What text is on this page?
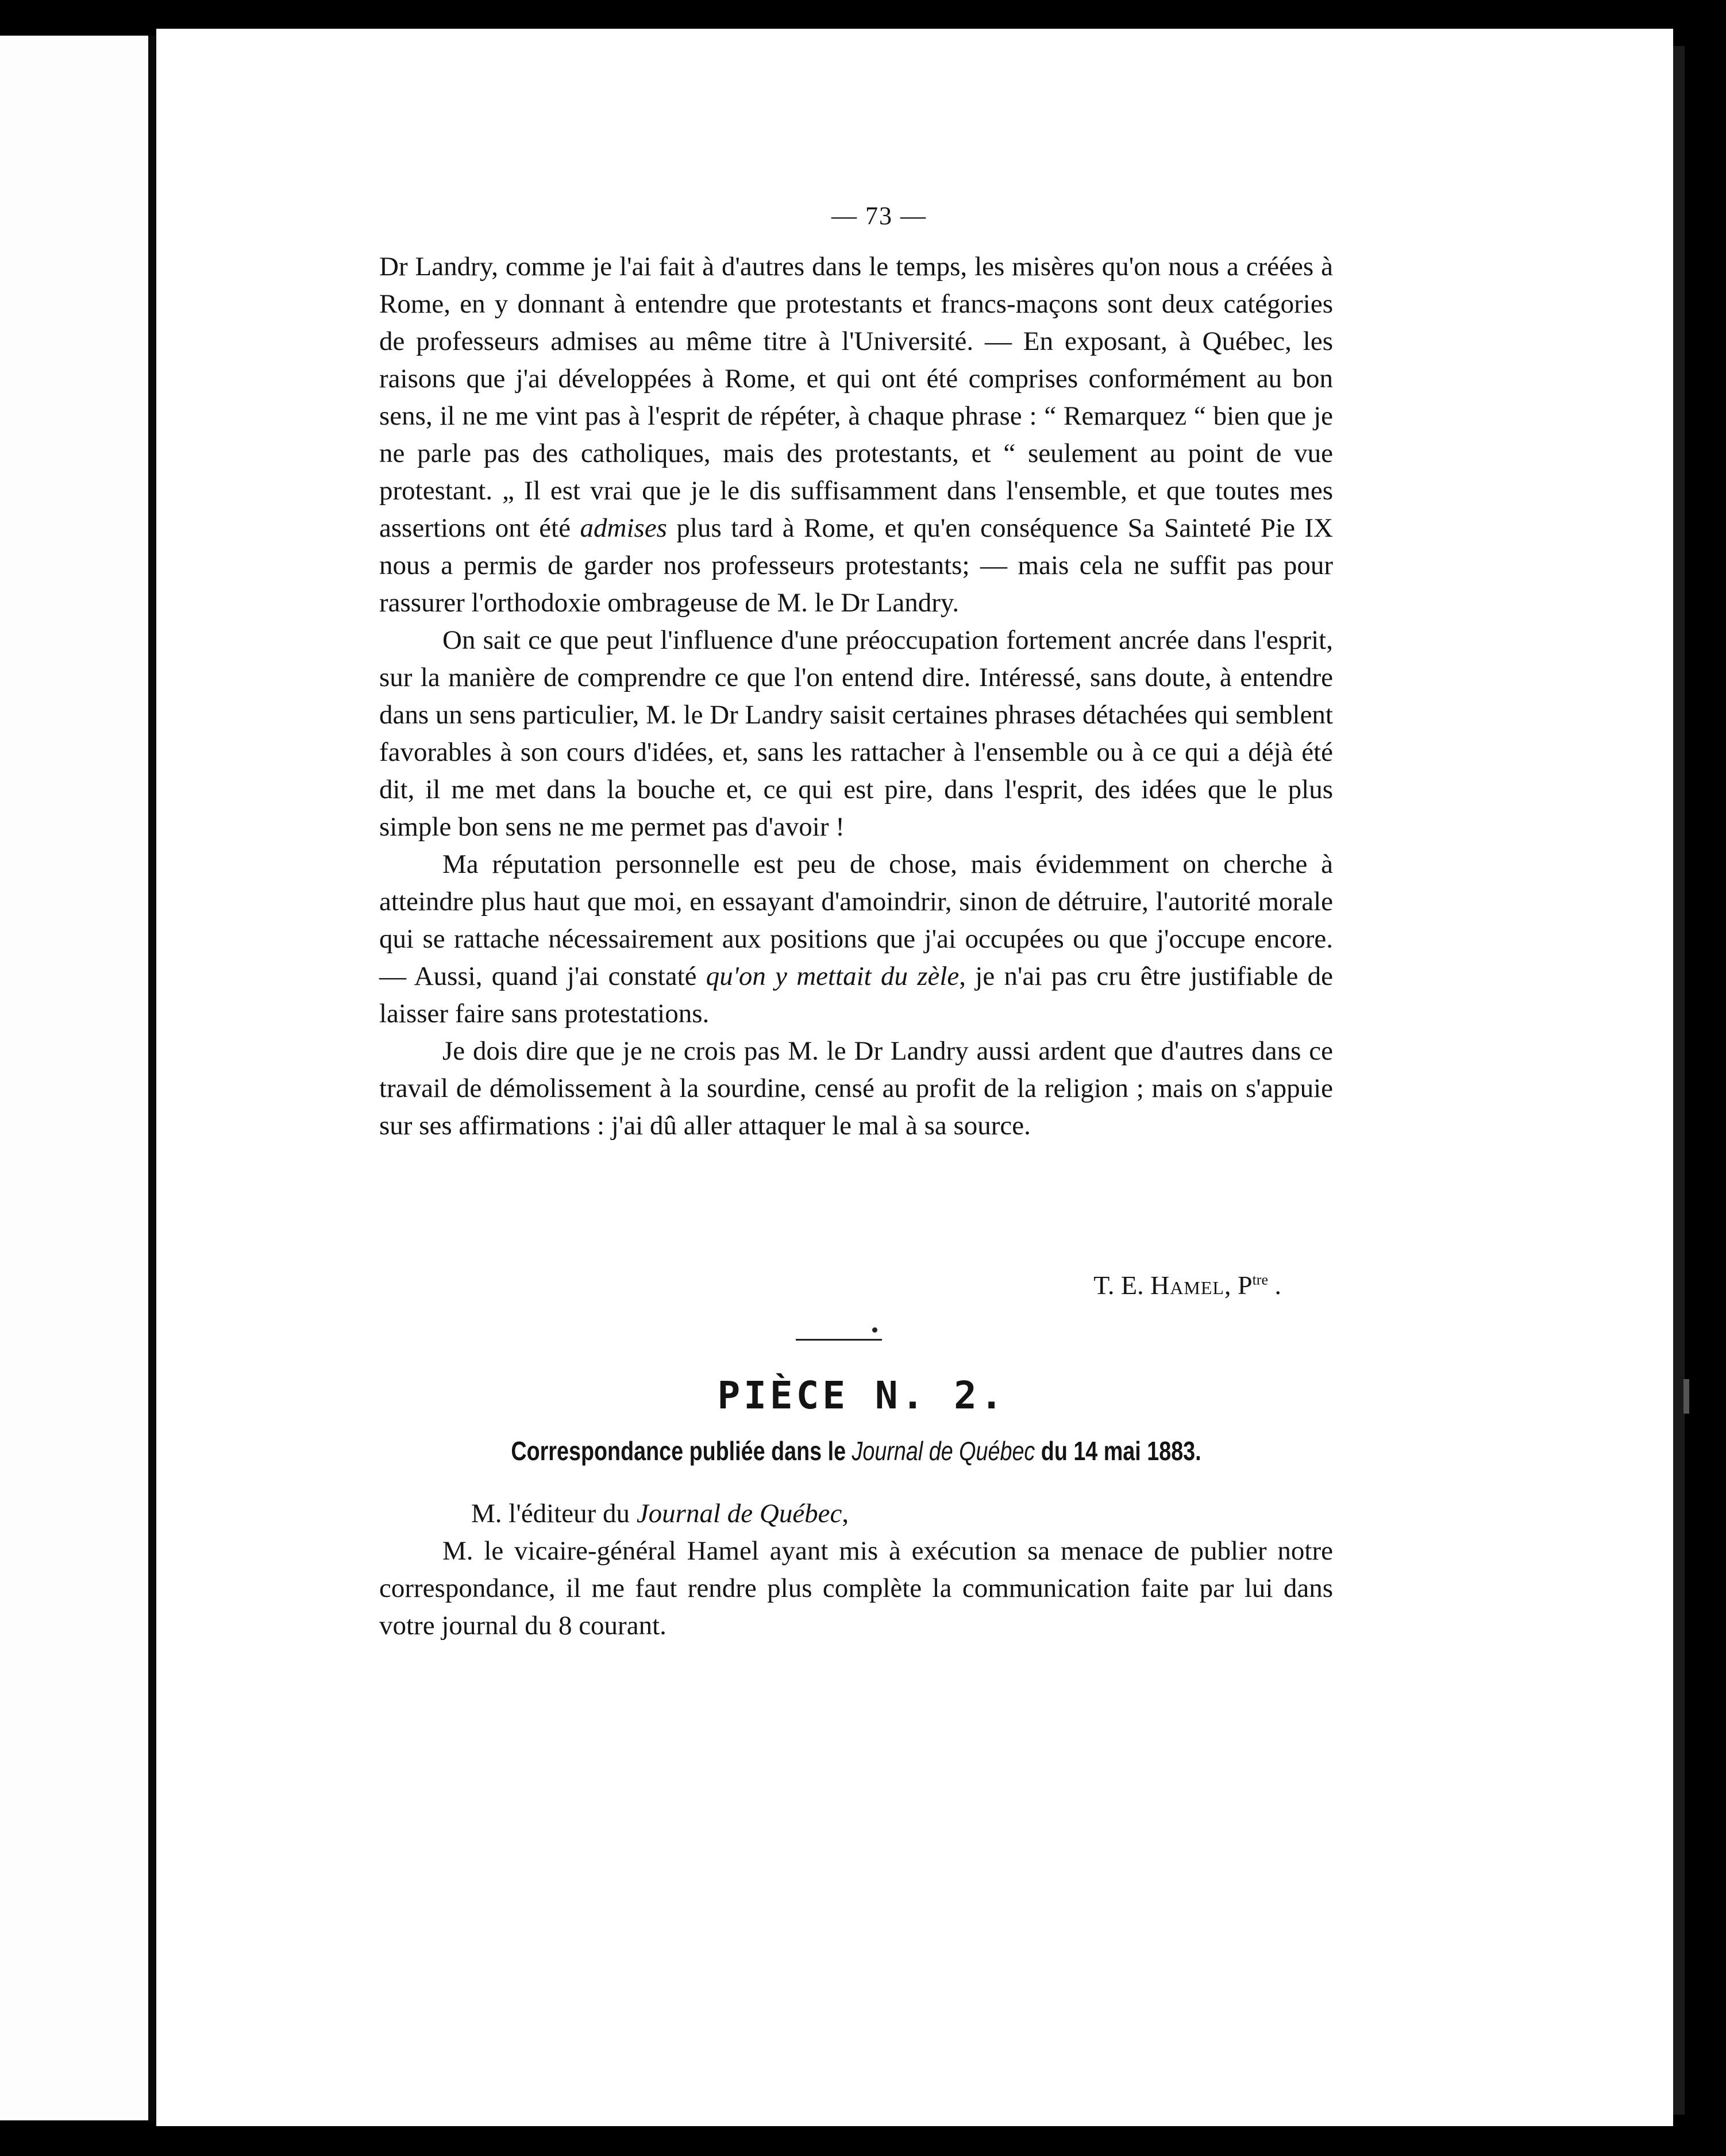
— 73 —

Dr Landry, comme je l'ai fait à d'autres dans le temps, les misères qu'on nous a créées à Rome, en y donnant à entendre que protestants et francs-maçons sont deux catégories de professeurs admises au même titre à l'Université. — En exposant, à Québec, les raisons que j'ai développées à Rome, et qui ont été comprises conformément au bon sens, il ne me vint pas à l'esprit de répéter, à chaque phrase : “ Remarquez “ bien que je ne parle pas des catholiques, mais des protestants, et “ seulement au point de vue protestant. „ Il est vrai que je le dis suffisamment dans l'ensemble, et que toutes mes assertions ont été admises plus tard à Rome, et qu'en conséquence Sa Sainteté Pie IX nous a permis de garder nos professeurs protestants; — mais cela ne suffit pas pour rassurer l'orthodoxie ombrageuse de M. le Dr Landry.

On sait ce que peut l'influence d'une préoccupation fortement ancrée dans l'esprit, sur la manière de comprendre ce que l'on entend dire. Intéressé, sans doute, à entendre dans un sens particulier, M. le Dr Landry saisit certaines phrases détachées qui semblent favorables à son cours d'idées, et, sans les rattacher à l'ensemble ou à ce qui a déjà été dit, il me met dans la bouche et, ce qui est pire, dans l'esprit, des idées que le plus simple bon sens ne me permet pas d'avoir !

Ma réputation personnelle est peu de chose, mais évidemment on cherche à atteindre plus haut que moi, en essayant d'amoindrir, sinon de détruire, l'autorité morale qui se rattache nécessairement aux positions que j'ai occupées ou que j'occupe encore. — Aussi, quand j'ai constaté qu'on y mettait du zèle, je n'ai pas cru être justifiable de laisser faire sans protestations.

Je dois dire que je ne crois pas M. le Dr Landry aussi ardent que d'autres dans ce travail de démolissement à la sourdine, censé au profit de la religion ; mais on s'appuie sur ses affirmations : j'ai dû aller attaquer le mal à sa source.

T. E. Hamel, $P^{tre}$ .
PIÈCE N. 2.
Correspondance publiée dans le Journal de Québec du 14 mai 1883.

M. l'éditeur du Journal de Québec,

M. le vicaire-général Hamel ayant mis à exécution sa menace de publier notre correspondance, il me faut rendre plus complète la communication faite par lui dans votre journal du 8 courant.
